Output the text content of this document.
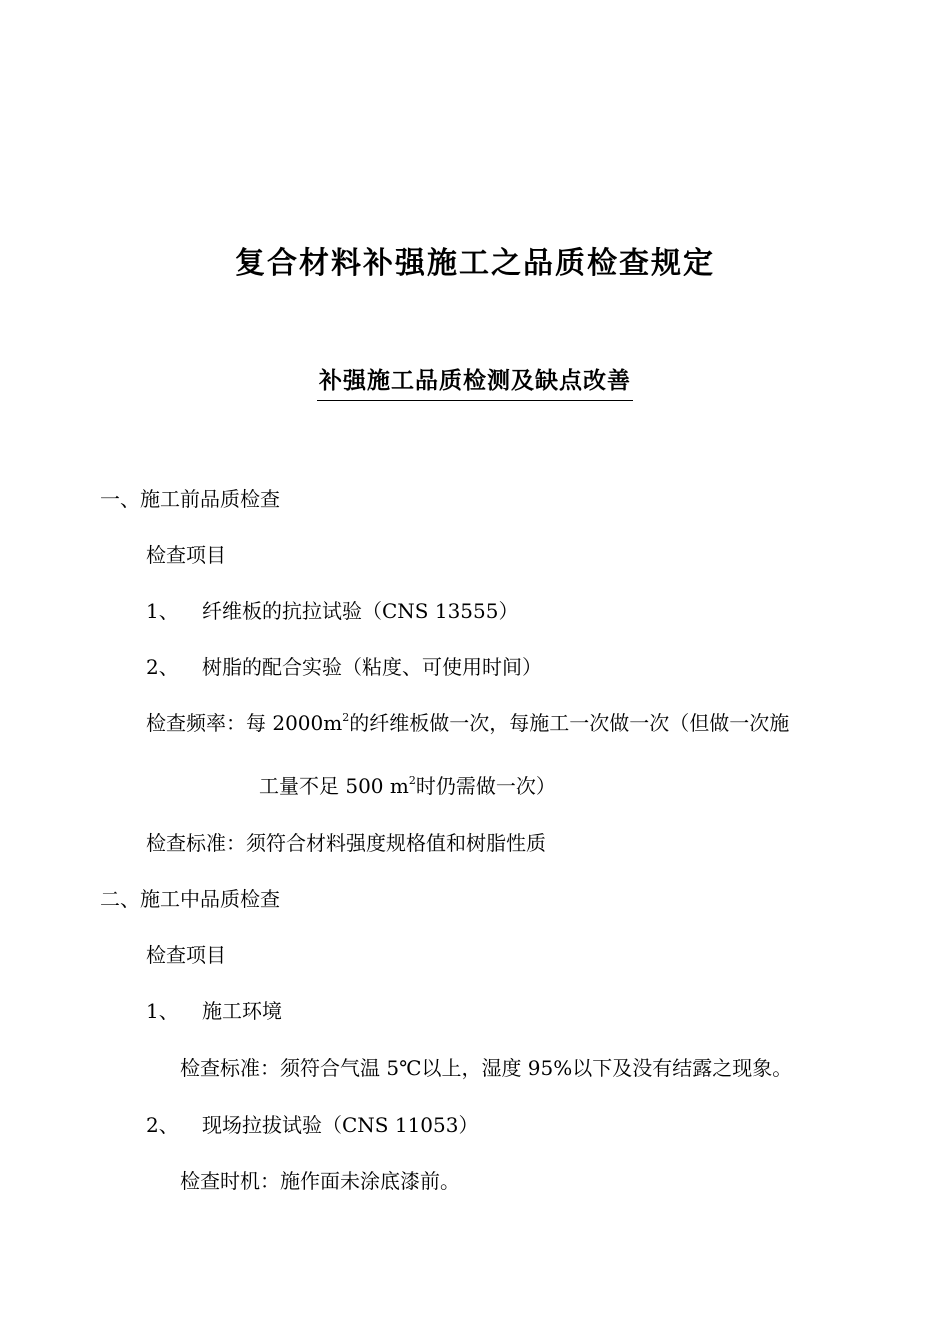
复合材料补强施工之品质检查规定
补强施工品质检测及缺点改善
一、施工前品质检查
检查项目
1、 纤维板的抗拉试验（CNS 13555）
2、 树脂的配合实验（粘度、可使用时间）
检查频率：每 $2000m^2$的纤维板做一次，每施工一次做一次（但做一次施
工量不足 500 $m^2$时仍需做一次）
检查标准：须符合材料强度规格值和树脂性质
二、施工中品质检查
检查项目
1、 施工环境
检查标准：须符合气温 5℃以上，湿度 95%以下及没有结露之现象。
2、 现场拉拔试验（CNS 11053）
检查时机：施作面未涂底漆前。
